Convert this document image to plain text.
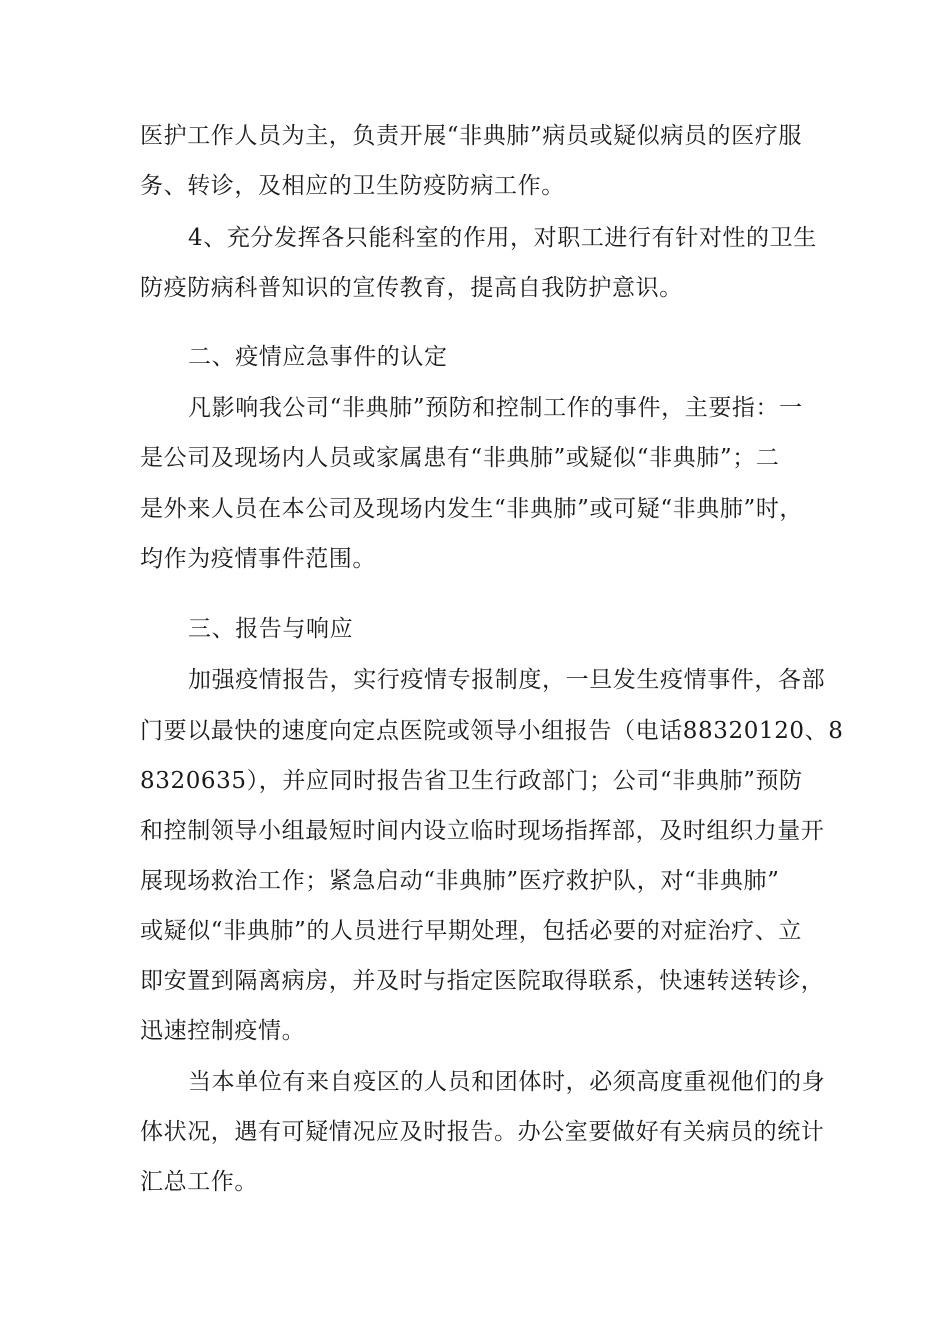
医护工作人员为主，负责开展“非典肺”病员或疑似病员的医疗服
务、转诊，及相应的卫生防疫防病工作。
4、充分发挥各只能科室的作用，对职工进行有针对性的卫生
防疫防病科普知识的宣传教育，提高自我防护意识。
二、疫情应急事件的认定
凡影响我公司“非典肺”预防和控制工作的事件，主要指：一
是公司及现场内人员或家属患有“非典肺”或疑似“非典肺”；二
是外来人员在本公司及现场内发生“非典肺”或可疑“非典肺”时，
均作为疫情事件范围。
三、报告与响应
加强疫情报告，实行疫情专报制度，一旦发生疫情事件，各部
门要以最快的速度向定点医院或领导小组报告（电话88320120、8
8320635），并应同时报告省卫生行政部门；公司“非典肺”预防
和控制领导小组最短时间内设立临时现场指挥部，及时组织力量开
展现场救治工作；紧急启动“非典肺”医疗救护队，对“非典肺”
或疑似“非典肺”的人员进行早期处理，包括必要的对症治疗、立
即安置到隔离病房，并及时与指定医院取得联系，快速转送转诊，
迅速控制疫情。
当本单位有来自疫区的人员和团体时，必须高度重视他们的身
体状况，遇有可疑情况应及时报告。办公室要做好有关病员的统计
汇总工作。
